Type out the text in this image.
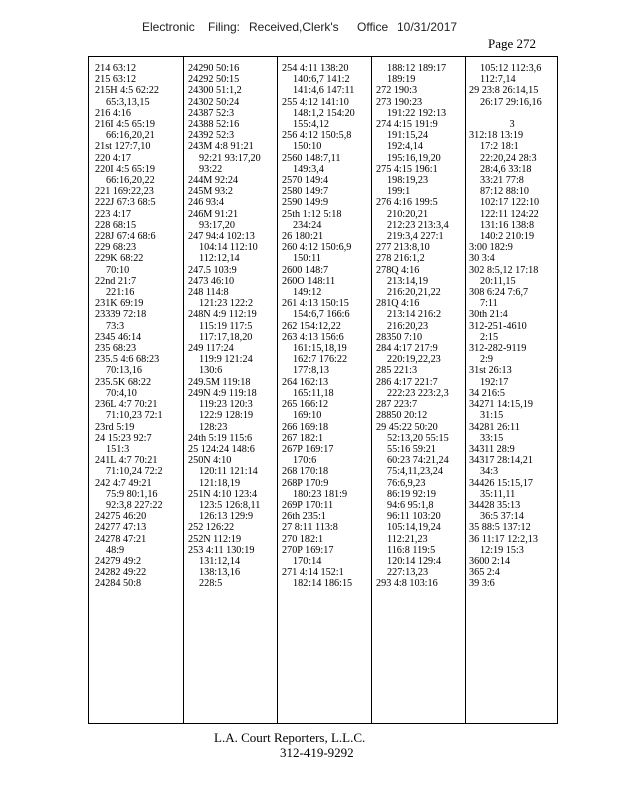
Electronic Filing: Received,Clerk's Office 10/31/2017
Page 272
214 63:12
215 63:12
215H 4:5 62:22
65:3,13,15
216 4:16
216I 4:5 65:19
66:16,20,21
21st 127:7,10
220 4:17
220I 4:5 65:19
66:16,20,22
221 169:22,23
222J 67:3 68:5
223 4:17
228 68:15
228J 67:4 68:6
229 68:23
229K 68:22
70:10
22nd 21:7
221:16
231K 69:19
23339 72:18
73:3
2345 46:14
235 68:23
235.5 4:6 68:23
70:13,16
235.5K 68:22
70:4,10
236L 4:7 70:21
71:10,23 72:1
23rd 5:19
24 15:23 92:7
151:3
241L 4:7 70:21
71:10,24 72:2
242 4:7 49:21
75:9 80:1,16
92:3,8 227:22
24275 46:20
24277 47:13
24278 47:21
48:9
24279 49:2
24282 49:22
24284 50:8
24290 50:16
24292 50:15
24300 51:1,2
24302 50:24
24387 52:3
24388 52:16
24392 52:3
243M 4:8 91:21
92:21 93:17,20
93:22
244M 92:24
245M 93:2
246 93:4
246M 91:21
93:17,20
247 94:4 102:13
104:14 112:10
112:12,14
247.5 103:9
2473 46:10
248 114:8
121:23 122:2
248N 4:9 112:19
115:19 117:5
117:17,18,20
249 117:24
119:9 121:24
130:6
249.5M 119:18
249N 4:9 119:18
119:23 120:3
122:9 128:19
128:23
24th 5:19 115:6
25 124:24 148:6
250N 4:10
120:11 121:14
121:18,19
251N 4:10 123:4
123:5 126:8,11
126:13 129:9
252 126:22
252N 112:19
253 4:11 130:19
131:12,14
138:13,16
228:5
254 4:11 138:20
140:6,7 141:2
141:4,6 147:11
255 4:12 141:10
148:1,2 154:20
155:4,12
256 4:12 150:5,8
150:10
2560 148:7,11
149:3,4
2570 149:4
2580 149:7
2590 149:9
25th 1:12 5:18
234:24
26 180:21
260 4:12 150:6,9
150:11
2600 148:7
260O 148:11
149:12
261 4:13 150:15
154:6,7 166:6
262 154:12,22
263 4:13 156:6
161:15,18,19
162:7 176:22
177:8,13
264 162:13
165:11,18
265 166:12
169:10
266 169:18
267 182:1
267P 169:17
170:6
268 170:18
268P 170:9
180:23 181:9
269P 170:11
26th 235:1
27 8:11 113:8
270 182:1
270P 169:17
170:14
271 4:14 152:1
182:14 186:15
188:12 189:17
189:19
272 190:3
273 190:23
191:22 192:13
274 4:15 191:9
191:15,24
192:4,14
195:16,19,20
275 4:15 196:1
198:19,23
199:1
276 4:16 199:5
210:20,21
212:23 213:3,4
219:3,4 227:1
277 213:8,10
278 216:1,2
278Q 4:16
213:14,19
216:20,21,22
281Q 4:16
213:14 216:2
216:20,23
28350 7:10
284 4:17 217:9
220:19,22,23
285 221:3
286 4:17 221:7
222:23 223:2,3
287 223:7
28850 20:12
29 45:22 50:20
52:13,20 55:15
55:16 59:21
60:23 74:21,24
75:4,11,23,24
76:6,9,23
86:19 92:19
94:6 95:1,8
96:11 103:20
105:14,19,24
112:21,23
116:8 119:5
120:14 129:4
227:13,23
293 4:8 103:16
105:12 112:3,6
112:7,14
29 23:8 26:14,15
26:17 29:16,16

3
312:18 13:19
17:2 18:1
22:20,24 28:3
28:4,6 33:18
33:21 77:8
87:12 88:10
102:17 122:10
122:11 124:22
131:16 138:8
140:2 210:19
3:00 182:9
30 3:4
302 8:5,12 17:18
20:11,15
308 6:24 7:6,7
7:11
30th 21:4
312-251-4610
2:15
312-282-9119
2:9
31st 26:13
192:17
34 216:5
34271 14:15,19
31:15
34281 26:11
33:15
34311 28:9
34317 28:14,21
34:3
34426 15:15,17
35:11,11
34428 35:13
36:5 37:14
35 88:5 137:12
36 11:17 12:2,13
12:19 15:3
3600 2:14
365 2:4
39 3:6
L.A. Court Reporters, L.L.C.
312-419-9292
